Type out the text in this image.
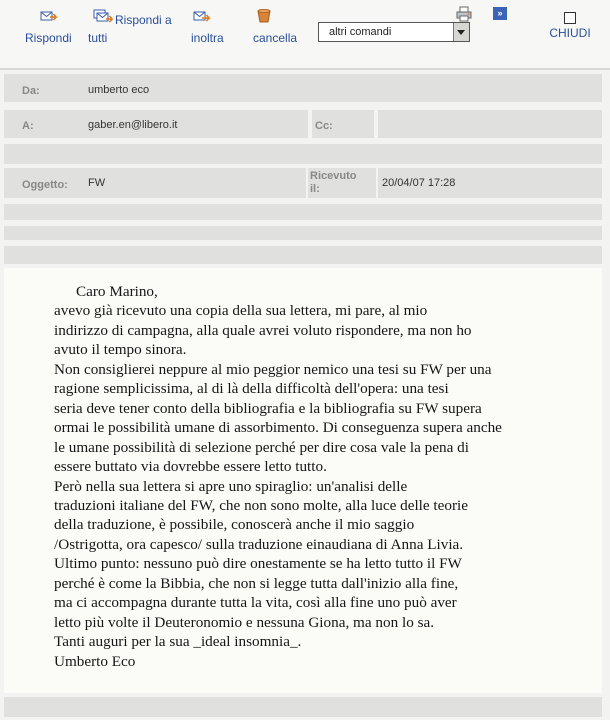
Rispondi
Rispondi a
tutti	inoltra cancella	altri comandi
»
CHIUDI
Da:	umberto eco
A:	gaber.en@libero.it	Cc:
Oggetto: FW
Ricevuto
il:	20/04/07 17:28
Caro Marino,
avevo già ricevuto una copia della sua lettera, mi pare, al mio
indirizzo di campagna, alla quale avrei voluto rispondere, ma non ho
avuto il tempo sinora.
Non consiglierei neppure al mio peggior nemico una tesi su FW per una
ragione semplicissima, al di là della difficoltà dell'opera: una tesi
seria deve tener conto della bibliografia e la bibliografia su FW supera
ormai le possibilità umane di assorbimento. Di conseguenza supera anche
le umane possibilità di selezione perché per dire cosa vale la pena di
essere buttato via dovrebbe essere letto tutto.
Però nella sua lettera si apre uno spiraglio: un'analisi delle
traduzioni italiane del FW, che non sono molte, alla luce delle teorie
della traduzione, è possibile, conoscerà anche il mio saggio
/Ostrigotta, ora capesco/ sulla traduzione einaudiana di Anna Livia.
Ultimo punto: nessuno può dire onestamente se ha letto tutto il FW
perché è come la Bibbia, che non si legge tutta dall'inizio alla fine,
ma ci accompagna durante tutta la vita, così alla fine uno può aver
letto più volte il Deuteronomio e nessuna Giona, ma non lo sa.
Tanti auguri per la sua _ideal insomnia_.
Umberto Eco
